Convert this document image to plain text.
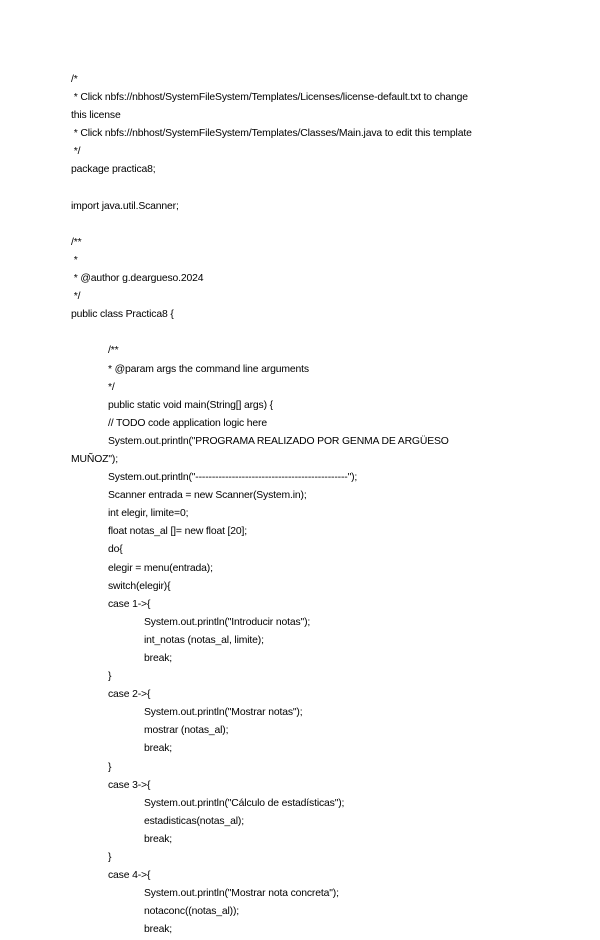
/*
* Click nbfs://nbhost/SystemFileSystem/Templates/Licenses/license-default.txt to change
this license
* Click nbfs://nbhost/SystemFileSystem/Templates/Classes/Main.java to edit this template
*/
package practica8;
import java.util.Scanner;
/**
*
* @author g.deargueso.2024
*/
public class Practica8 {
/**
* @param args the command line arguments
*/
public static void main(String[] args) {
// TODO code application logic here
System.out.println("PROGRAMA REALIZADO POR GENMA DE ARGÜESO
MUÑOZ");
System.out.println("----------------------------------------------");
Scanner entrada = new Scanner(System.in);
int elegir, limite=0;
float notas_al []= new float [20];
do{
elegir = menu(entrada);
switch(elegir){
case 1->{
System.out.println("Introducir notas");
int_notas (notas_al, limite);
break;
}
case 2->{
System.out.println("Mostrar notas");
mostrar (notas_al);
break;
}
case 3->{
System.out.println("Cálculo de estadísticas");
estadisticas(notas_al);
break;
}
case 4->{
System.out.println("Mostrar nota concreta");
notaconc((notas_al));
break;
